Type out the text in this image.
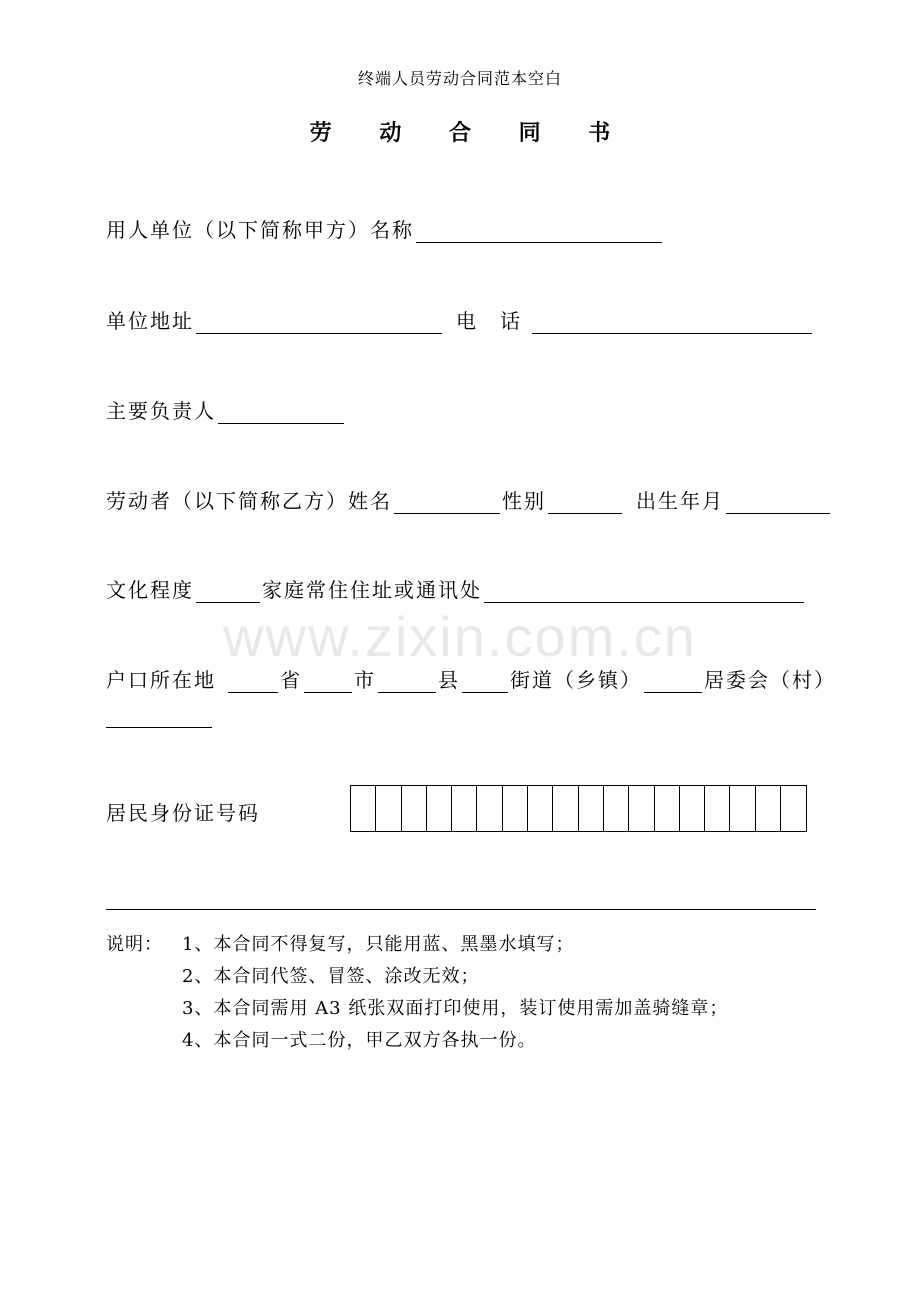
终端人员劳动合同范本空白
劳 动 合 同 书
用人单位（以下简称甲方）名称
单位地址	电　话
主要负责人
劳动者（以下简称乙方）姓名	性别	出生年月
文化程度	家庭常住住址或通讯处
www.zixin.com.cn
户口所在地	省	市	县	街道（乡镇）	居委会（村）
居民身份证号码
说明： 1、本合同不得复写，只能用蓝、黑墨水填写；
2、本合同代签、冒签、涂改无效；
3、本合同需用 A3 纸张双面打印使用，装订使用需加盖骑缝章；
4、本合同一式二份，甲乙双方各执一份。
